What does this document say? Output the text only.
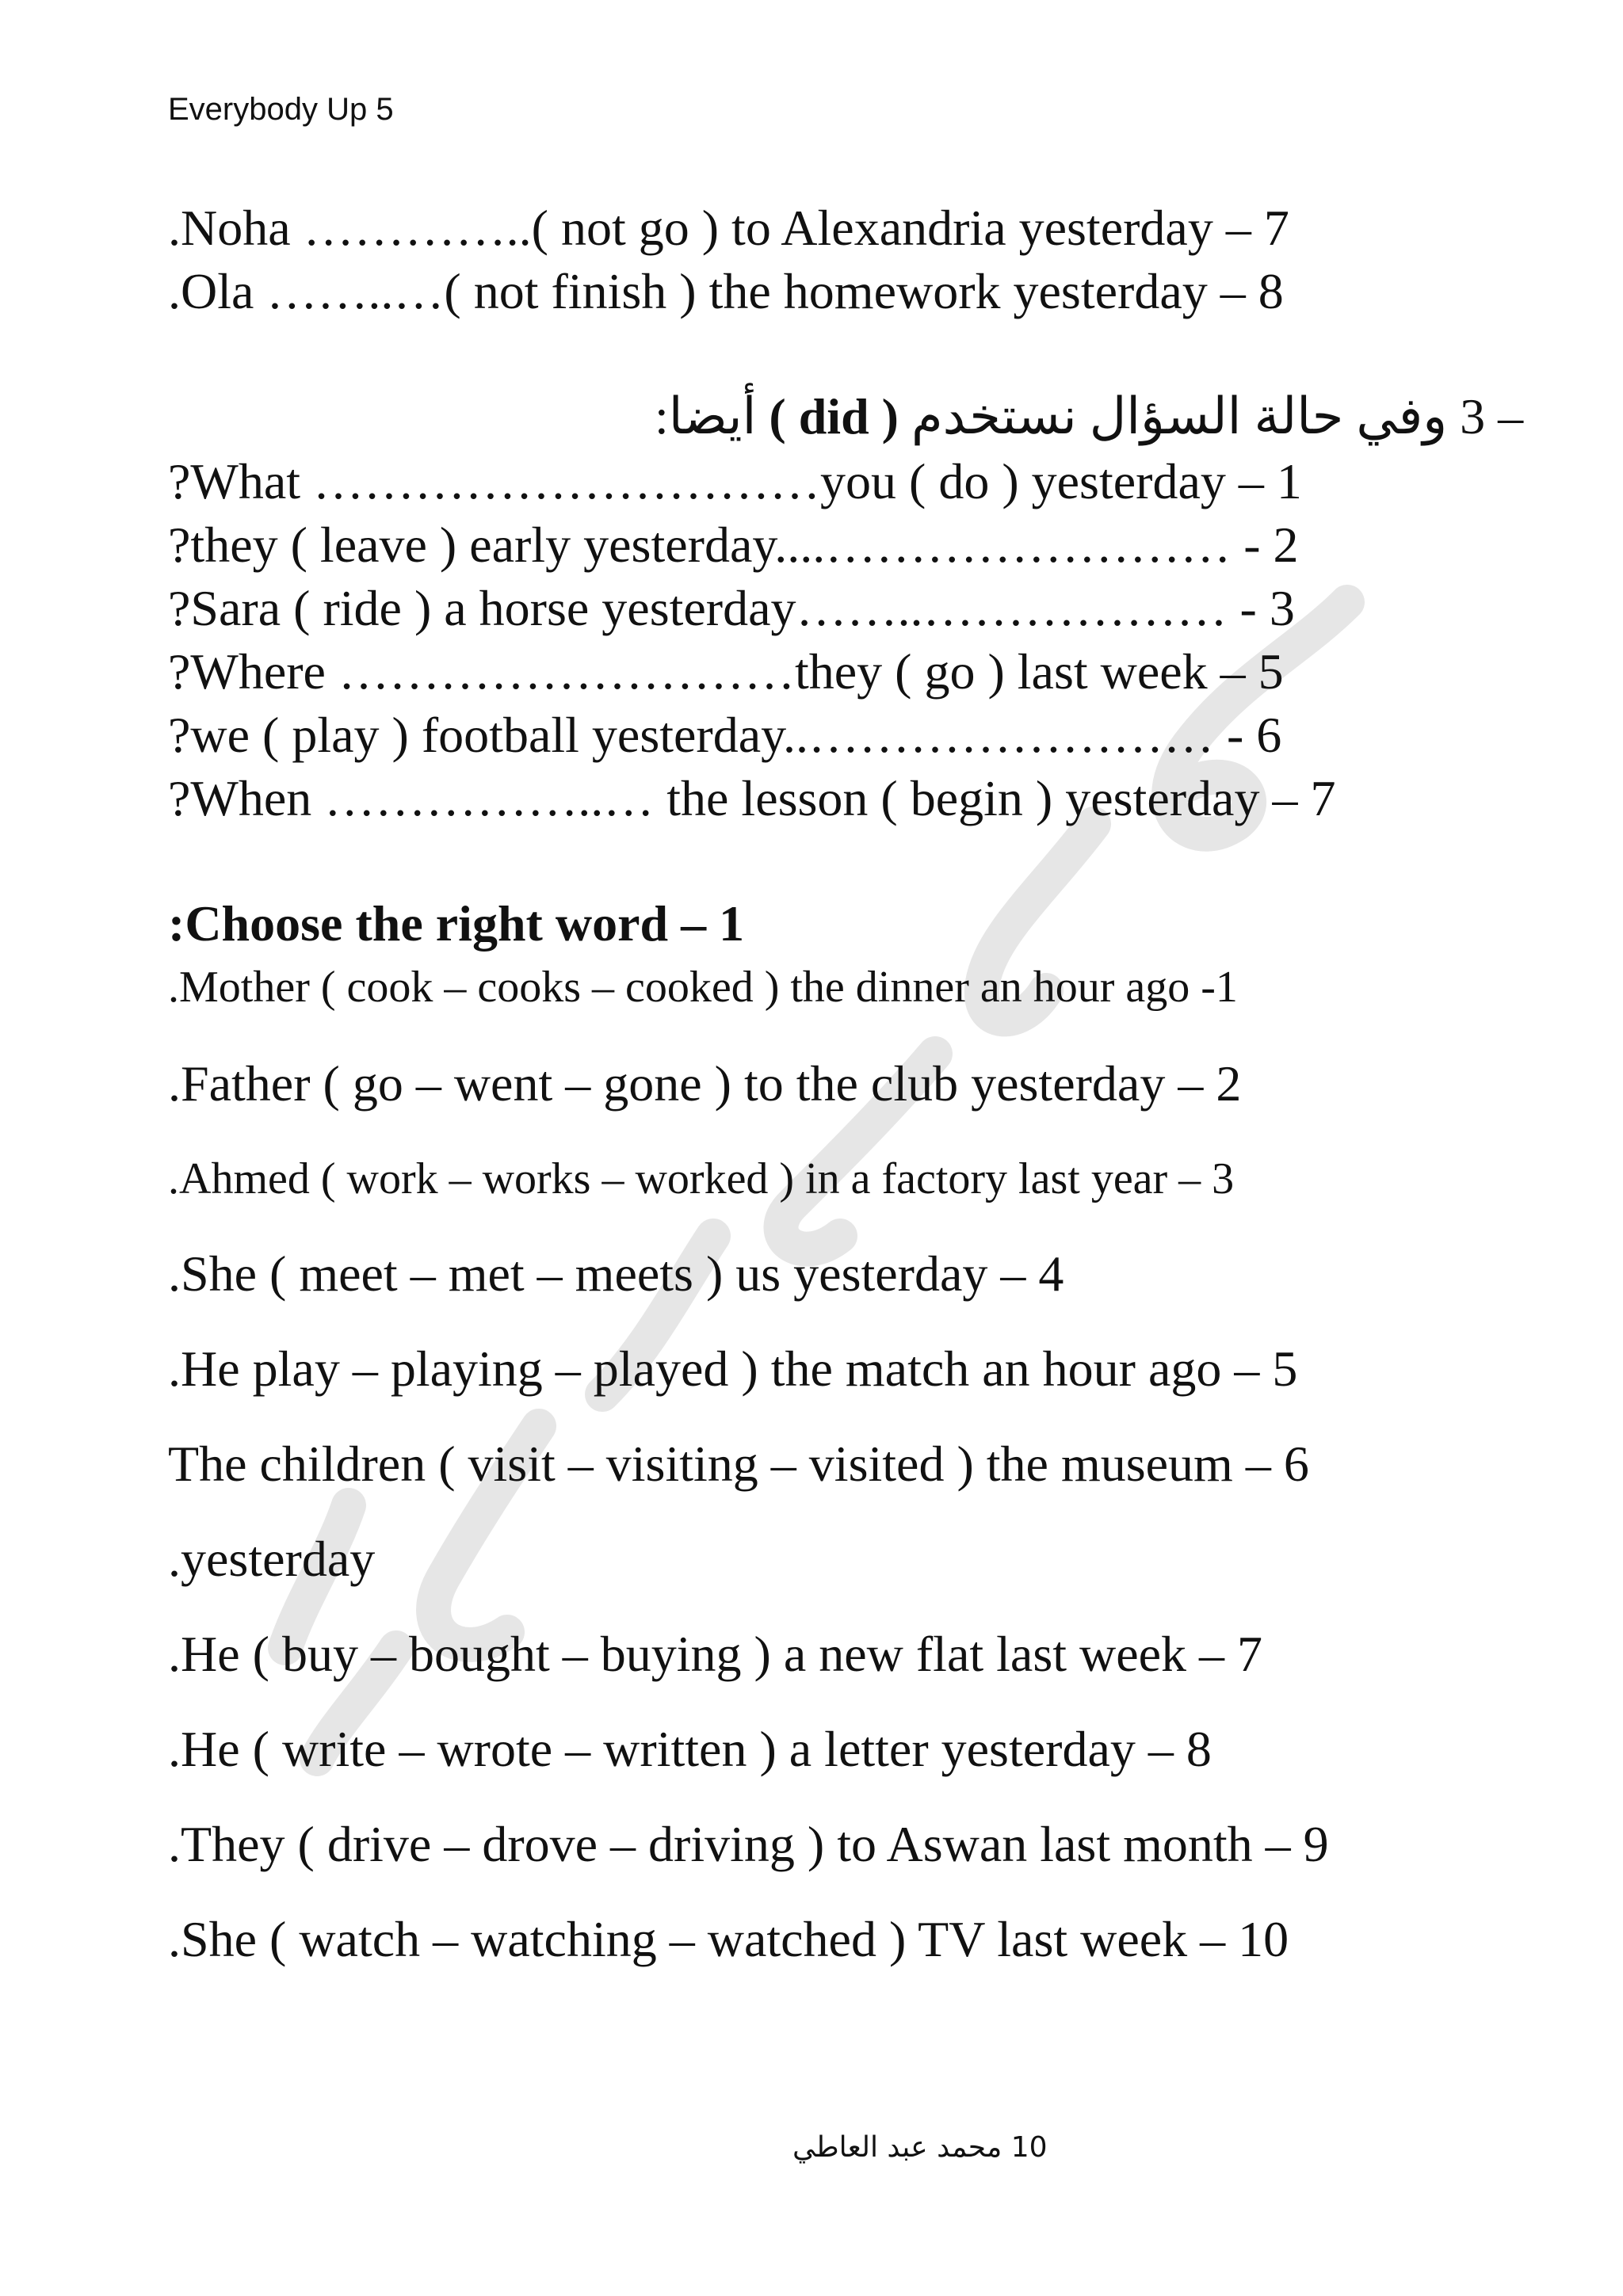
Everybody Up 5
.Noha …………..( not go ) to Alexandria yesterday – 7
.Ola ……..…( not finish ) the homework yesterday – 8
أيضا: ( did ) وفي حالة السؤال نستخدم 3 –
?What …………………………you ( do ) yesterday – 1
?they ( leave ) early yesterday....…………………… - 2
?Sara ( ride ) a horse yesterday……..……………… - 3
?Where ………………………they ( go ) last week – 5
?we ( play ) football yesterday..…………………… - 6
?When ……………..… the lesson ( begin ) yesterday – 7
:Choose the right word – 1
.Mother ( cook – cooks – cooked ) the dinner an hour ago -1
.Father ( go – went – gone ) to the club yesterday – 2
.Ahmed ( work – works – worked ) in a factory last year – 3
.She ( meet – met – meets ) us yesterday – 4
.He play – playing – played ) the match an hour ago – 5
The children ( visit – visiting – visited ) the museum – 6
.yesterday
.He ( buy – bought – buying ) a new flat last week – 7
.He ( write – wrote – written ) a letter yesterday – 8
.They ( drive – drove – driving ) to Aswan last month – 9
.She ( watch – watching – watched ) TV last week – 10
10 محمد عبد العاطي
